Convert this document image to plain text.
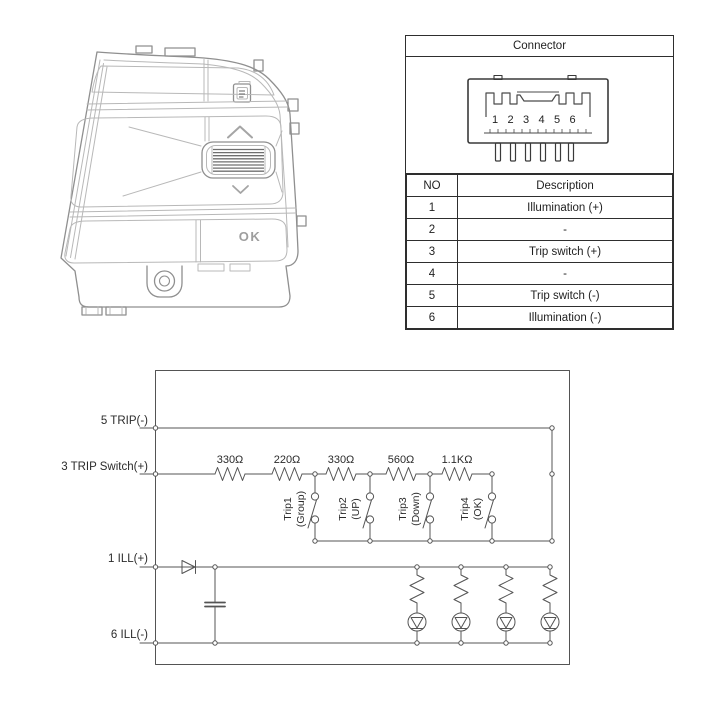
OK
Connector
1 2 3 4 5 6
NO	Description
1	Illumination (+)
2	-
3	Trip switch (+)
4	-
5	Trip switch (-)
6	Illumination (-)
5 TRIP(-)
3 TRIP Switch(+)
1 ILL(+)
6 ILL(-)
330Ω	220Ω 330Ω	560Ω 1.1KΩ
Trip1 (Group)	Trip2 (UP)	Trip3 (Down)	Trip4 (OK)
